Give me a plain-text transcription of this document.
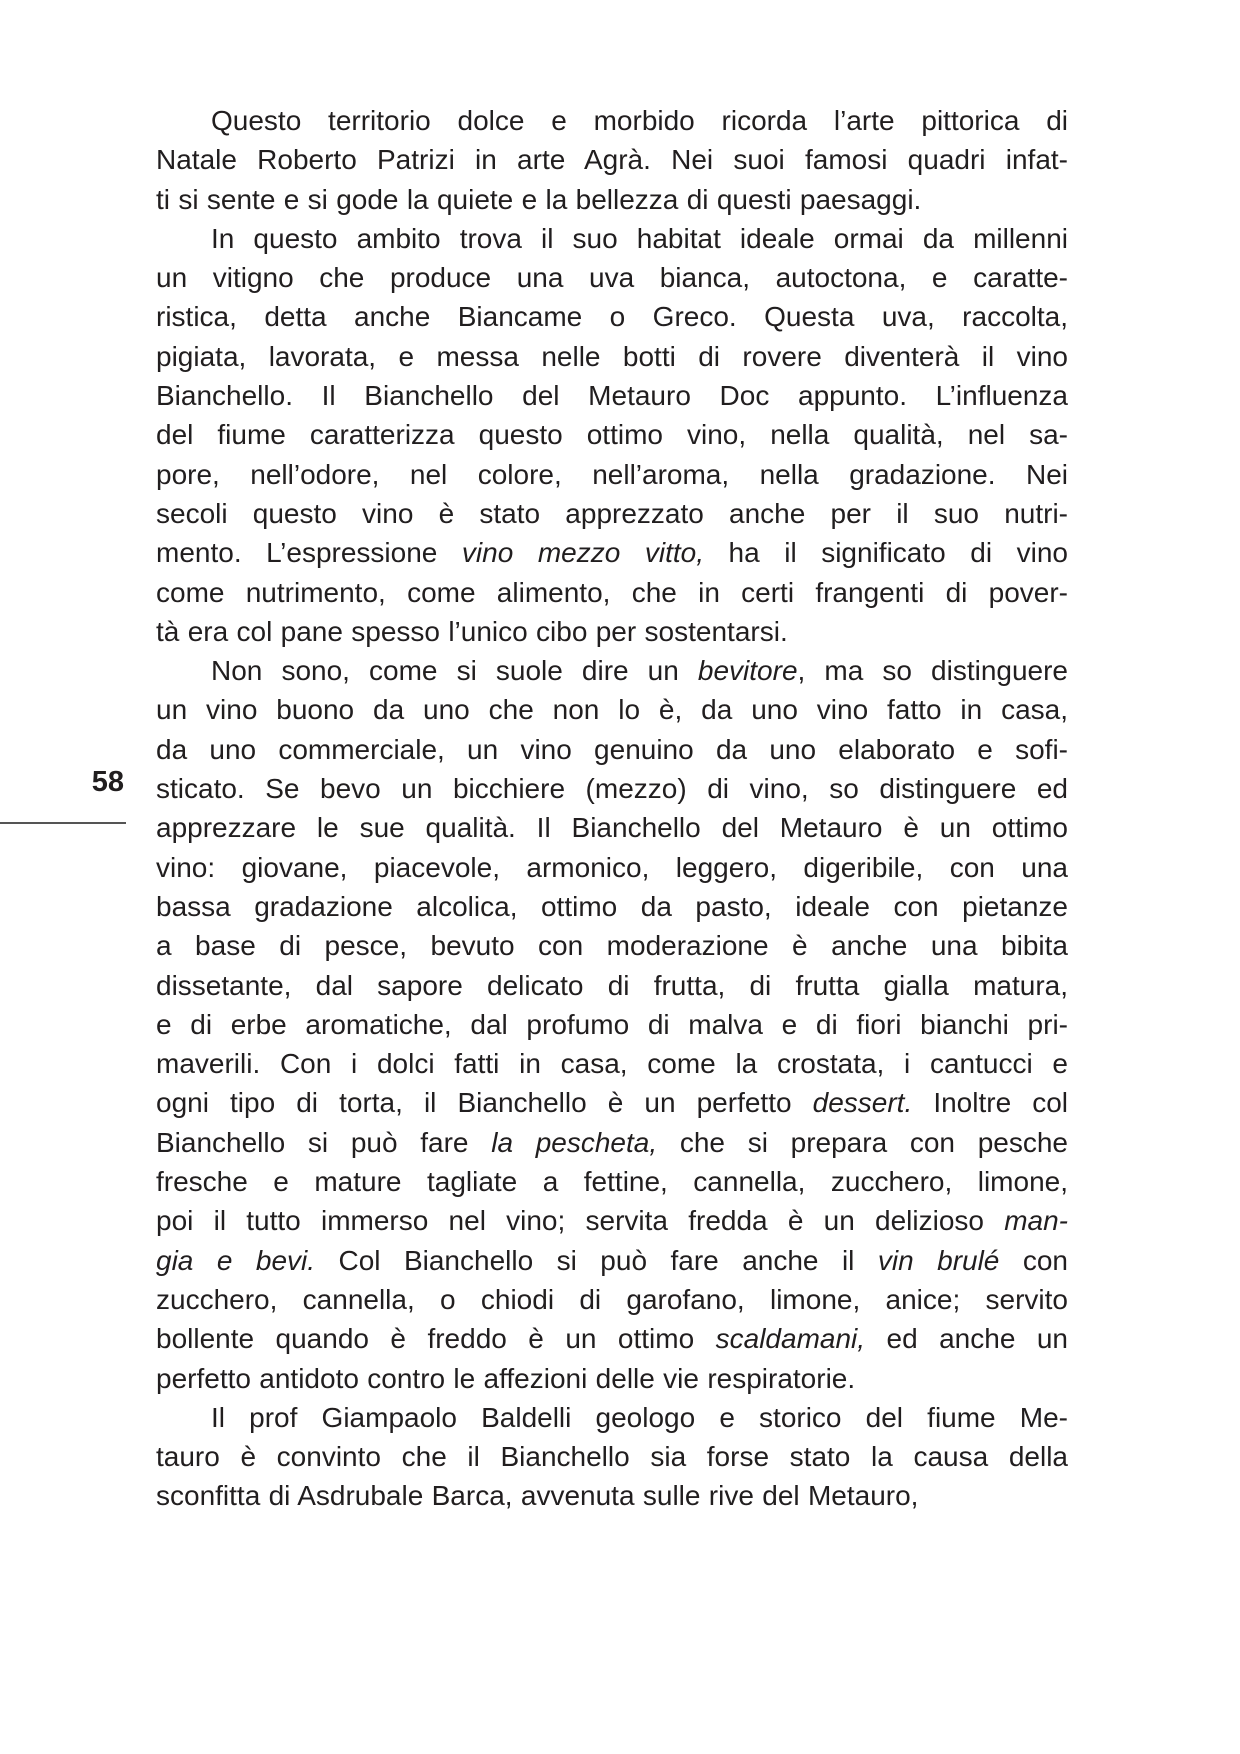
58
Questo territorio dolce e morbido ricorda l’arte pittorica di
Natale Roberto Patrizi in arte Agrà. Nei suoi famosi quadri infat-
ti si sente e si gode la quiete e la bellezza di questi paesaggi.
In questo ambito trova il suo habitat ideale ormai da millenni
un vitigno che produce una uva bianca, autoctona, e caratte-
ristica, detta anche Biancame o Greco. Questa uva, raccolta,
pigiata, lavorata, e messa nelle botti di rovere diventerà il vino
Bianchello. Il Bianchello del Metauro Doc appunto. L’influenza
del fiume caratterizza questo ottimo vino, nella qualità, nel sa-
pore, nell’odore, nel colore, nell’aroma, nella gradazione. Nei
secoli questo vino è stato apprezzato anche per il suo nutri-
mento. L’espressione vino mezzo vitto, ha il significato di vino
come nutrimento, come alimento, che in certi frangenti di pover-
tà era col pane spesso l’unico cibo per sostentarsi.
Non sono, come si suole dire un bevitore, ma so distinguere
un vino buono da uno che non lo è, da uno vino fatto in casa,
da uno commerciale, un vino genuino da uno elaborato e sofi-
sticato. Se bevo un bicchiere (mezzo) di vino, so distinguere ed
apprezzare le sue qualità. Il Bianchello del Metauro è un ottimo
vino: giovane, piacevole, armonico, leggero, digeribile, con una
bassa gradazione alcolica, ottimo da pasto, ideale con pietanze
a base di pesce, bevuto con moderazione è anche una bibita
dissetante, dal sapore delicato di frutta, di frutta gialla matura,
e di erbe aromatiche, dal profumo di malva e di fiori bianchi pri-
maverili. Con i dolci fatti in casa, come la crostata, i cantucci e
ogni tipo di torta, il Bianchello è un perfetto dessert. Inoltre col
Bianchello si può fare la pescheta, che si prepara con pesche
fresche e mature tagliate a fettine, cannella, zucchero, limone,
poi il tutto immerso nel vino; servita fredda è un delizioso man-
gia e bevi. Col Bianchello si può fare anche il vin brulé con
zucchero, cannella, o chiodi di garofano, limone, anice; servito
bollente quando è freddo è un ottimo scaldamani, ed anche un
perfetto antidoto contro le affezioni delle vie respiratorie.
Il prof Giampaolo Baldelli geologo e storico del fiume Me-
tauro è convinto che il Bianchello sia forse stato la causa della
sconfitta di Asdrubale Barca, avvenuta sulle rive del Metauro,
